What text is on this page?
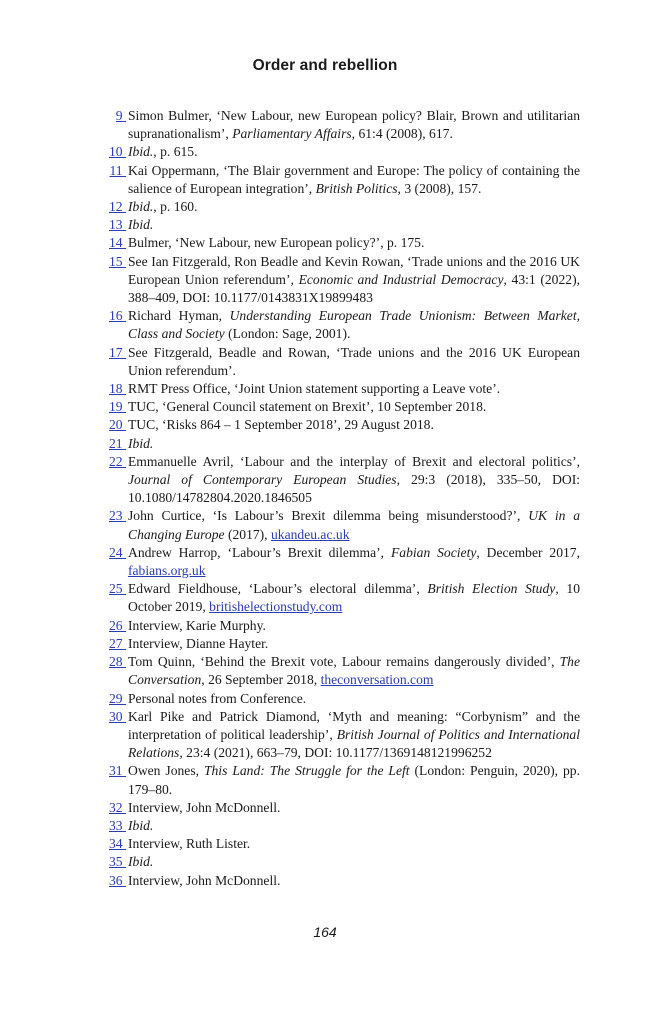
Order and rebellion
9 Simon Bulmer, ‘New Labour, new European policy? Blair, Brown and utilitarian supranationalism’, Parliamentary Affairs, 61:4 (2008), 617.
10 Ibid., p. 615.
11 Kai Oppermann, ‘The Blair government and Europe: The policy of containing the salience of European integration’, British Politics, 3 (2008), 157.
12 Ibid., p. 160.
13 Ibid.
14 Bulmer, ‘New Labour, new European policy?’, p. 175.
15 See Ian Fitzgerald, Ron Beadle and Kevin Rowan, ‘Trade unions and the 2016 UK European Union referendum’, Economic and Industrial Democracy, 43:1 (2022), 388–409, DOI: 10.1177/0143831X19899483
16 Richard Hyman, Understanding European Trade Unionism: Between Market, Class and Society (London: Sage, 2001).
17 See Fitzgerald, Beadle and Rowan, ‘Trade unions and the 2016 UK European Union referendum’.
18 RMT Press Office, ‘Joint Union statement supporting a Leave vote’.
19 TUC, ‘General Council statement on Brexit’, 10 September 2018.
20 TUC, ‘Risks 864 – 1 September 2018’, 29 August 2018.
21 Ibid.
22 Emmanuelle Avril, ‘Labour and the interplay of Brexit and electoral politics’, Journal of Contemporary European Studies, 29:3 (2018), 335–50, DOI: 10.1080/14782804.2020.1846505
23 John Curtice, ‘Is Labour’s Brexit dilemma being misunderstood?’, UK in a Changing Europe (2017), ukandeu.ac.uk
24 Andrew Harrop, ‘Labour’s Brexit dilemma’, Fabian Society, December 2017, fabians.org.uk
25 Edward Fieldhouse, ‘Labour’s electoral dilemma’, British Election Study, 10 October 2019, britishelectionstudy.com
26 Interview, Karie Murphy.
27 Interview, Dianne Hayter.
28 Tom Quinn, ‘Behind the Brexit vote, Labour remains dangerously divided’, The Conversation, 26 September 2018, theconversation.com
29 Personal notes from Conference.
30 Karl Pike and Patrick Diamond, ‘Myth and meaning: “Corbynism” and the interpretation of political leadership’, British Journal of Politics and International Relations, 23:4 (2021), 663–79, DOI: 10.1177/1369148121996252
31 Owen Jones, This Land: The Struggle for the Left (London: Penguin, 2020), pp. 179–80.
32 Interview, John McDonnell.
33 Ibid.
34 Interview, Ruth Lister.
35 Ibid.
36 Interview, John McDonnell.
164
